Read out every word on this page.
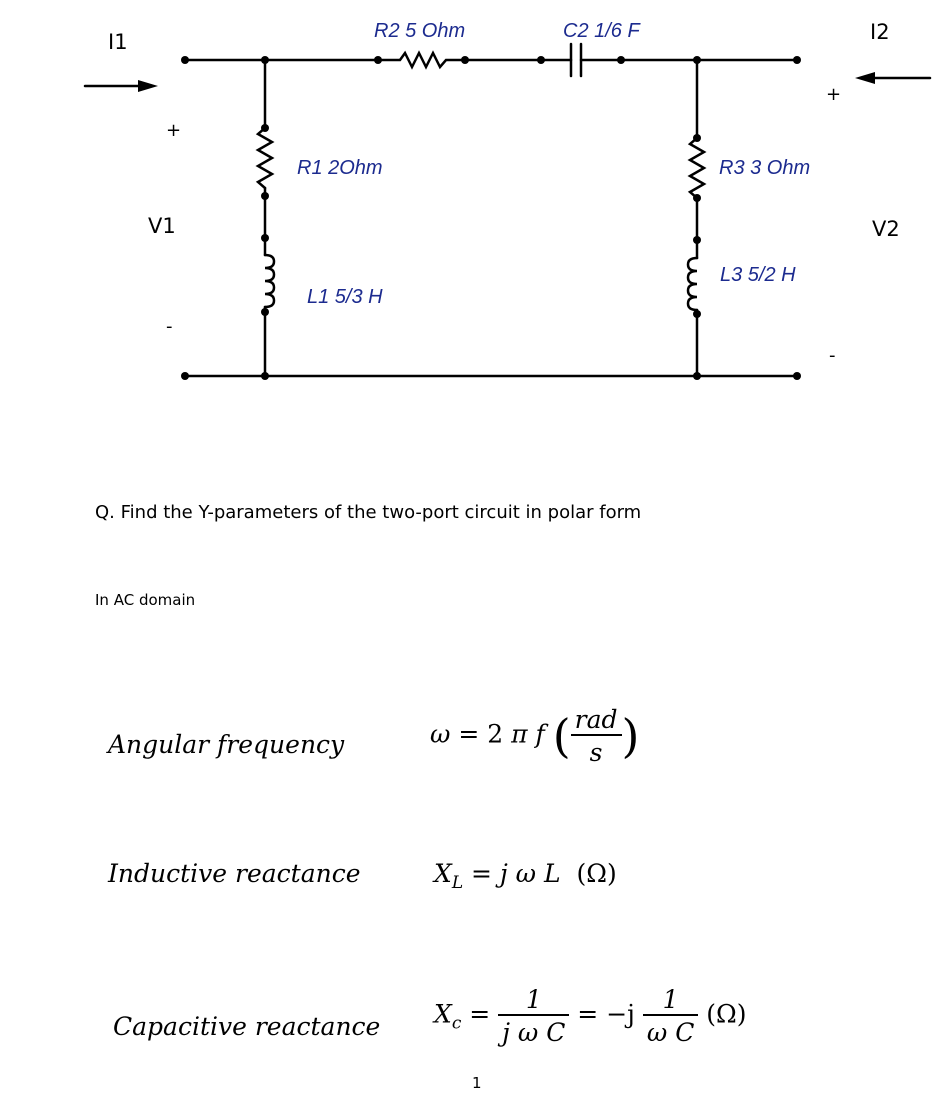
I1	I2
V1	V2
+
-
+
-
R2 5 Ohm	C2 1/6 F
R1 2Ohm
L1 5/3 H
R3 3 Ohm
L3 5/2 H
Q. Find the Y-parameters of the two-port circuit in polar form
In AC domain
Angular frequency	ω = 2 π f ( $\frac{\text{rad}}{s}$ )
Inductive reactance	$X_L = j$ ω L (Ω)
Capacitive reactance $X_c = \frac{1}{\text{j ω C}} = -j \frac{1}{\text{ω C}} (\Omega)$
1
